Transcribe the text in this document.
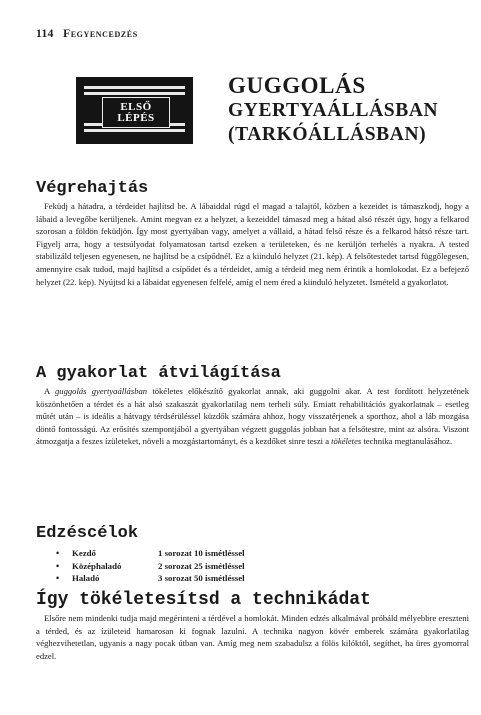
114 Fegyencedzés
ELSŐ
LÉPÉS
GUGGOLÁS
GYERTYAÁLLÁSBAN
(TARKÓÁLLÁSBAN)
Végrehajtás

Feküdj a hátadra, a térdeidet hajlítsd be. A lábaiddal rúgd el magad a talajtól, közben a kezeidet is támaszkodj, hogy a lábaid a levegőbe kerüljenek. Amint megvan ez a helyzet, a kezeiddel támaszd meg a hátad alsó részét úgy, hogy a felkarod szorosan a földön feküdjön. Így most gyertyában vagy, amelyet a vállaid, a hátad felső része és a felkarod hátsó része tart. Figyelj arra, hogy a testsúlyodat folyamatosan tartsd ezeken a területeken, és ne kerüljön terhelés a nyakra. A tested stabilizáld teljesen egyenesen, ne hajlítsd be a csípődnél. Ez a kiinduló helyzet (21. kép). A felsőtestedet tartsd függőlegesen, amennyire csak tudod, majd hajlítsd a csípődet és a térdeidet, amíg a térdeid meg nem érintik a homlokodat. Ez a befejező helyzet (22. kép). Nyújtsd ki a lábaidat egyenesen felfelé, amíg el nem éred a kiinduló helyzetet. Ismételd a gyakorlatot.

A gyakorlat átvilágítása

A guggolás gyertyaállásban tökéletes előkészítő gyakorlat annak, aki guggolni akar. A test fordított helyzetének köszönhetően a térdet és a hát alsó szakaszát gyakorlatilag nem terheli súly. Emiatt rehabilitációs gyakorlatnak – esetleg műtét után – is ideális a hátvagy térdsérüléssel küzdők számára ahhoz, hogy visszatérjenek a sporthoz, ahol a láb mozgása döntő fontosságú. Az erősítés szempontjából a gyertyában végzett guggolás jobban hat a felsőtestre, mint az alsóra. Viszont átmozgatja a feszes ízületeket, növeli a mozgástartományt, és a kezdőket sinre teszi a tökéletes technika megtanulásához.

Edzéscélok
•	Kezdő	1 sorozat 10 ismétléssel
•	Középhaladó	2 sorozat 25 ismétléssel
•	Haladó	3 sorozat 50 ismétléssel
Így tökéletesítsd a technikádat

Elsőre nem mindenki tudja majd megérinteni a térdével a homlokát. Minden edzés alkalmával próbáld mélyebbre ereszteni a térded, és az ízületeid hamarosan ki fognak lazulni. A technika nagyon kövér emberek számára gyakorlatilag véghezvihetetlan, ugyanis a nagy pocak útban van. Amíg meg nem szabadulsz a fölös kilóktól, segíthet, ha üres gyomorral edzel.
